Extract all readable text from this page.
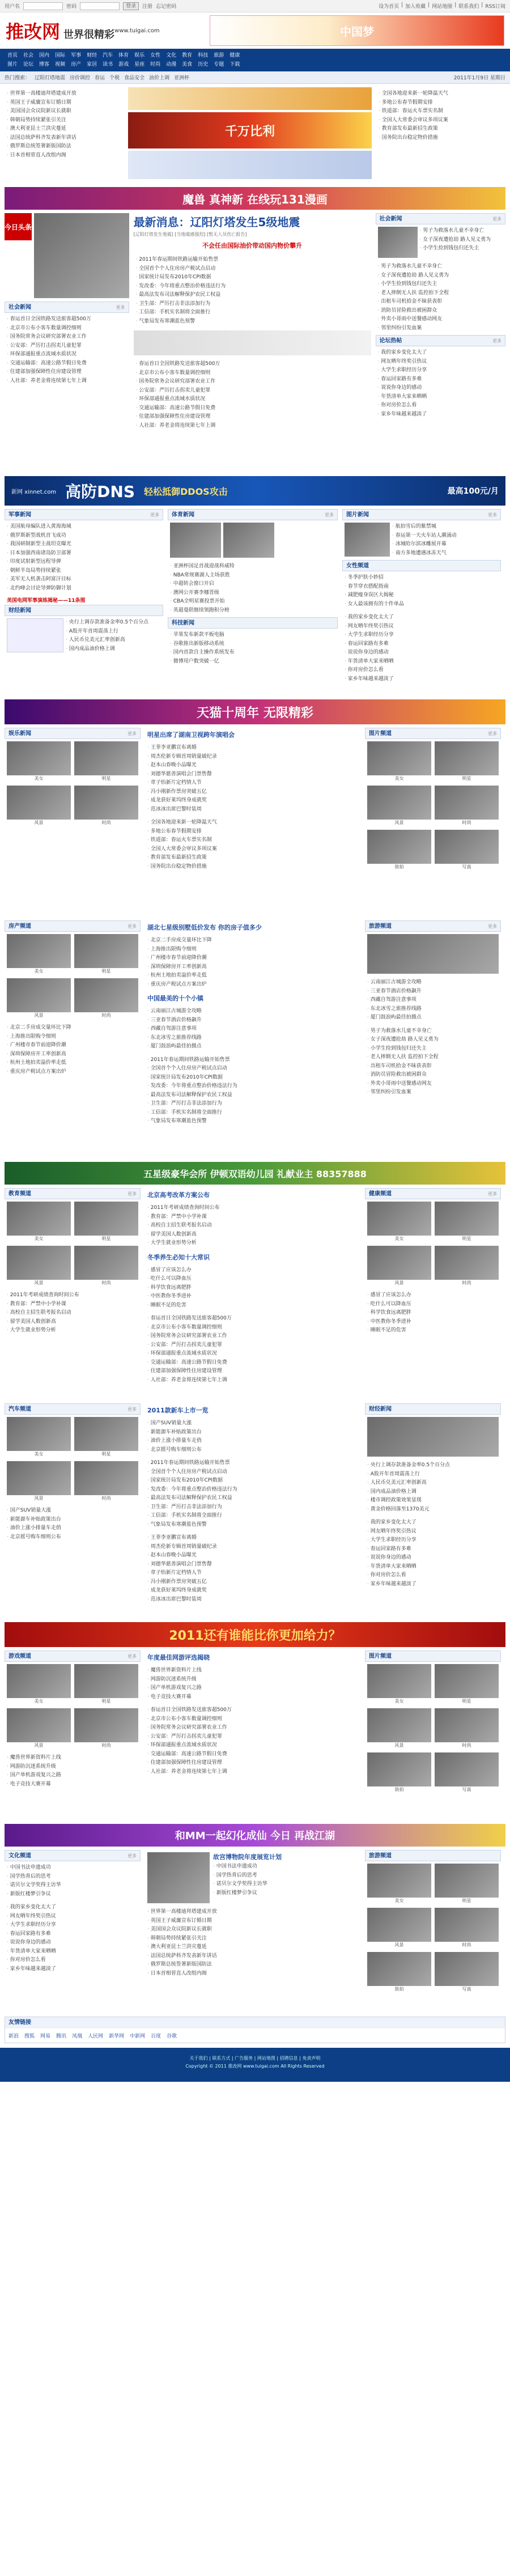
用户名	密码	登录	注册 忘记密码	设为首页 | 加入收藏 | 网站地图 | 联系我们 | RSS订阅
推改网 世界很精彩 www.tuigai.com	中国梦
首页	社会	国内	国际	军事	财经	汽车	体育	娱乐	女性	文化	教育	科技	旅游	健康
图片	论坛	博客	视频	房产	家居	读书	游戏	星座	时尚	动漫	美食	历史	专题	下载
热门搜索： 辽阳灯塔地震 房价调控 春运 个税 食品安全 油价上调 亚洲杯	2011年1月9日 星期日
· 世界第一高楼迪拜塔建成开放
· 英国王子威廉宣布订婚日期
· 美国国会众议院新议长就职
· 韩朝局势持续紧张引关注
· 澳大利亚昆士兰洪灾蔓延
· 法国总统萨科齐发表新年讲话
· 俄罗斯总统签署新版国防法
· 日本首相菅直人改组内阁
千万比利
· 全国各地迎来新一轮降温天气
· 多地公布春节假期安排
· 铁道部：春运火车票实名制
· 全国人大常委会审议多项议案
· 教育部发布最新招生政策
· 国务院出台稳定物价措施
魔兽 真神新 在线玩131漫画
今日头条
社会新闻	更多
· 春运首日全国铁路发送旅客超500万
· 北京市公布小客车数量调控细则
· 国务院常务会议研究部署农业工作
· 公安部：严厉打击拐卖儿童犯罪
· 环保部通报重点流域水质状况
· 交通运输部：高速公路节假日免费
· 住建部加强保障性住房建设管理
· 人社部：养老金将连续第七年上调
最新消息：辽阳灯塔发生5级地震
[辽阳灯塔发生地震] [当地震感强烈] [暂无人员伤亡报告]
不会任由国际油价带动国内物价攀升
· 2011年春运期间铁路运输开始售票
· 全国首个个人住房房产税试点启动
· 国家统计局发布2010年CPI数据
· 发改委：今年将重点整治价格违法行为
· 最高法发布司法解释保护农民工权益
· 卫生部：严厉打击非法添加行为
· 工信部：手机实名制将全面推行
· 气象局发布寒潮蓝色预警
· 春运首日全国铁路发送旅客超500万
· 北京市公布小客车数量调控细则
· 国务院常务会议研究部署农业工作
· 公安部：严厉打击拐卖儿童犯罪
· 环保部通报重点流域水质状况
· 交通运输部：高速公路节假日免费
· 住建部加强保障性住房建设管理
· 人社部：养老金将连续第七年上调
社会新闻	更多
· 男子为救落水儿童不幸身亡
· 女子深夜遭抢劫 路人见义勇为
· 小学生捡到钱包归还失主
· 男子为救落水儿童不幸身亡
· 女子深夜遭抢劫 路人见义勇为
· 小学生捡到钱包归还失主
· 老人摔倒无人扶 监控拍下全程
· 出租车司机拾金不昧获表彰
· 消防员冒险救出被困群众
· 外卖小哥雨中送餐感动网友
· 邻里纠纷引发血案
论坛热帖	更多
· 我的家乡变化太大了
· 网友晒年终奖引热议
· 大学生求职经历分享
· 春运回家路有多难
· 说说你身边的感动
· 年货清单大家来晒晒
· 你对房价怎么看
· 家乡年味越来越淡了
新网 xinnet.com 高防DNS 轻松抵御DDOS攻击	最高100元/月
军事新闻	更多
· 美国航母编队进入黄海海域
· 俄罗斯新型战机首飞成功
· 我国研制新型主战坦克曝光
· 日本加强西南诸岛防卫部署
· 印度试射新型远程导弹
· 朝鲜半岛局势持续紧张
· 美军无人机袭击阿富汗目标
· 北约峰会讨论导弹防御计划
美国电网军事演练揭秘——11条图
财经新闻
· 央行上调存款准备金率0.5个百分点
· A股开年首周震荡上行
· 人民币兑美元汇率创新高
· 国内成品油价格上调
体育新闻	更多
· 亚洲杯国足首战迎战科威特
· NBA常规赛湖人主场获胜
· 中超转会窗口开启
· 澳网公开赛李娜晋级
· CBA全明星赛投票开始
· 英超曼联继续领跑积分榜
科技新闻
· 苹果发布新款平板电脑
· 谷歌推出新版移动系统
· 国内首款自主操作系统发布
· 微博用户数突破一亿
图片新闻	更多
· 航拍雪后的紫禁城
· 春运第一天火车站人潮涌动
· 冰城哈尔滨冰雕展开幕
· 南方多地遭遇冰冻天气
女性频道
· 冬季护肤小妙招
· 春节穿衣搭配指南
· 减肥瘦身误区大揭秘
· 女人最该拥有的十件单品
· 我的家乡变化太大了
· 网友晒年终奖引热议
· 大学生求职经历分享
· 春运回家路有多难
· 说说你身边的感动
· 年货清单大家来晒晒
· 你对房价怎么看
· 家乡年味越来越淡了
天猫十周年 无限精彩
娱乐新闻	更多
美女	明星
风景	时尚
明星出席了湖南卫视跨年演唱会
· 王菲李亚鹏宣布离婚
· 周杰伦新专辑首周销量破纪录
· 赵本山春晚小品曝光
· 刘德华慈善演唱会门票售罄
· 章子怡新片定档情人节
· 冯小刚新作票房突破五亿
· 成龙获好莱坞终身成就奖
· 范冰冰出席巴黎时装周
· 全国各地迎来新一轮降温天气
· 多地公布春节假期安排
· 铁道部：春运火车票实名制
· 全国人大常委会审议多项议案
· 教育部发布最新招生政策
· 国务院出台稳定物价措施
图片频道	更多
美女	明星
风景	时尚
街拍	写真
房产频道	更多
美女	明星
风景	时尚
· 北京二手房成交量环比下降
· 上海推出限购令细则
· 广州楼市春节前迎降价潮
· 深圳保障房开工率创新高
· 杭州土地拍卖溢价率走低
· 重庆房产税试点方案出炉
湖北七星级别墅低价发布 你的房子值多少
· 北京二手房成交量环比下降
· 上海推出限购令细则
· 广州楼市春节前迎降价潮
· 深圳保障房开工率创新高
· 杭州土地拍卖溢价率走低
· 重庆房产税试点方案出炉
中国最美的十个小镇
· 云南丽江古城游全攻略
· 三亚春节酒店价格飙升
· 西藏自驾游注意事项
· 东北冰雪之旅推荐线路
· 厦门鼓浪屿最佳拍摄点
· 2011年春运期间铁路运输开始售票
· 全国首个个人住房房产税试点启动
· 国家统计局发布2010年CPI数据
· 发改委：今年将重点整治价格违法行为
· 最高法发布司法解释保护农民工权益
· 卫生部：严厉打击非法添加行为
· 工信部：手机实名制将全面推行
· 气象局发布寒潮蓝色预警
旅游频道	更多
· 云南丽江古城游全攻略
· 三亚春节酒店价格飙升
· 西藏自驾游注意事项
· 东北冰雪之旅推荐线路
· 厦门鼓浪屿最佳拍摄点
· 男子为救落水儿童不幸身亡
· 女子深夜遭抢劫 路人见义勇为
· 小学生捡到钱包归还失主
· 老人摔倒无人扶 监控拍下全程
· 出租车司机拾金不昧获表彰
· 消防员冒险救出被困群众
· 外卖小哥雨中送餐感动网友
· 邻里纠纷引发血案
五星级豪华会所 伊顿双语幼儿园 礼献业主 88357888
教育频道	更多
美女	明星
风景	时尚
· 2011年考研成绩查询时间公布
· 教育部：严禁中小学补课
· 高校自主招生联考报名启动
· 留学美国人数创新高
· 大学生就业形势分析
北京高考改革方案公布
· 2011年考研成绩查询时间公布
· 教育部：严禁中小学补课
· 高校自主招生联考报名启动
· 留学美国人数创新高
· 大学生就业形势分析
冬季养生必知十大常识
· 感冒了应该怎么办
· 吃什么可以降血压
· 科学饮食远离肥胖
· 中医教你冬季进补
· 睡眠不足的危害
· 春运首日全国铁路发送旅客超500万
· 北京市公布小客车数量调控细则
· 国务院常务会议研究部署农业工作
· 公安部：严厉打击拐卖儿童犯罪
· 环保部通报重点流域水质状况
· 交通运输部：高速公路节假日免费
· 住建部加强保障性住房建设管理
· 人社部：养老金将连续第七年上调
健康频道	更多
美女	明星
风景	时尚
· 感冒了应该怎么办
· 吃什么可以降血压
· 科学饮食远离肥胖
· 中医教你冬季进补
· 睡眠不足的危害
汽车频道	更多
美女	明星
风景	时尚
· 国产SUV销量大涨
· 新能源车补贴政策出台
· 油价上涨小排量车走俏
· 北京摇号购车细则公布
2011款新车上市一览
· 国产SUV销量大涨
· 新能源车补贴政策出台
· 油价上涨小排量车走俏
· 北京摇号购车细则公布
· 2011年春运期间铁路运输开始售票
· 全国首个个人住房房产税试点启动
· 国家统计局发布2010年CPI数据
· 发改委：今年将重点整治价格违法行为
· 最高法发布司法解释保护农民工权益
· 卫生部：严厉打击非法添加行为
· 工信部：手机实名制将全面推行
· 气象局发布寒潮蓝色预警
· 王菲李亚鹏宣布离婚
· 周杰伦新专辑首周销量破纪录
· 赵本山春晚小品曝光
· 刘德华慈善演唱会门票售罄
· 章子怡新片定档情人节
· 冯小刚新作票房突破五亿
· 成龙获好莱坞终身成就奖
· 范冰冰出席巴黎时装周
财经新闻
· 央行上调存款准备金率0.5个百分点
· A股开年首周震荡上行
· 人民币兑美元汇率创新高
· 国内成品油价格上调
· 楼市调控政策效果显现
· 黄金价格回落至1370美元
· 我的家乡变化太大了
· 网友晒年终奖引热议
· 大学生求职经历分享
· 春运回家路有多难
· 说说你身边的感动
· 年货清单大家来晒晒
· 你对房价怎么看
· 家乡年味越来越淡了
2011还有谁能比你更加给力？
游戏频道	更多
美女	明星
风景	时尚
· 魔兽世界新资料片上线
· 网游防沉迷系统升级
· 国产单机游戏复兴之路
· 电子竞技大赛开幕
年度最佳网游评选揭晓
· 魔兽世界新资料片上线
· 网游防沉迷系统升级
· 国产单机游戏复兴之路
· 电子竞技大赛开幕
· 春运首日全国铁路发送旅客超500万
· 北京市公布小客车数量调控细则
· 国务院常务会议研究部署农业工作
· 公安部：严厉打击拐卖儿童犯罪
· 环保部通报重点流域水质状况
· 交通运输部：高速公路节假日免费
· 住建部加强保障性住房建设管理
· 人社部：养老金将连续第七年上调
图片频道
美女	明星
风景	时尚
街拍	写真
和MM一起幻化成仙 今日 再战江湖
文化频道	更多
· 中国书法申遗成功
· 国学热背后的思考
· 诺贝尔文学奖得主访华
· 新版红楼梦引争议
· 我的家乡变化太大了
· 网友晒年终奖引热议
· 大学生求职经历分享
· 春运回家路有多难
· 说说你身边的感动
· 年货清单大家来晒晒
· 你对房价怎么看
· 家乡年味越来越淡了
故宫博物院年度展览计划
· 中国书法申遗成功
· 国学热背后的思考
· 诺贝尔文学奖得主访华
· 新版红楼梦引争议
· 世界第一高楼迪拜塔建成开放
· 英国王子威廉宣布订婚日期
· 美国国会众议院新议长就职
· 韩朝局势持续紧张引关注
· 澳大利亚昆士兰洪灾蔓延
· 法国总统萨科齐发表新年讲话
· 俄罗斯总统签署新版国防法
· 日本首相菅直人改组内阁
旅游频道
美女	明星
风景	时尚
街拍	写真
友情链接
新浪 搜狐 网易 腾讯 凤凰 人民网 新华网 中新网 百度 谷歌
关于我们 | 联系方式 | 广告服务 | 网站地图 | 招聘信息 | 免责声明
Copyright © 2011 推改网 www.tuigai.com All Rights Reserved
